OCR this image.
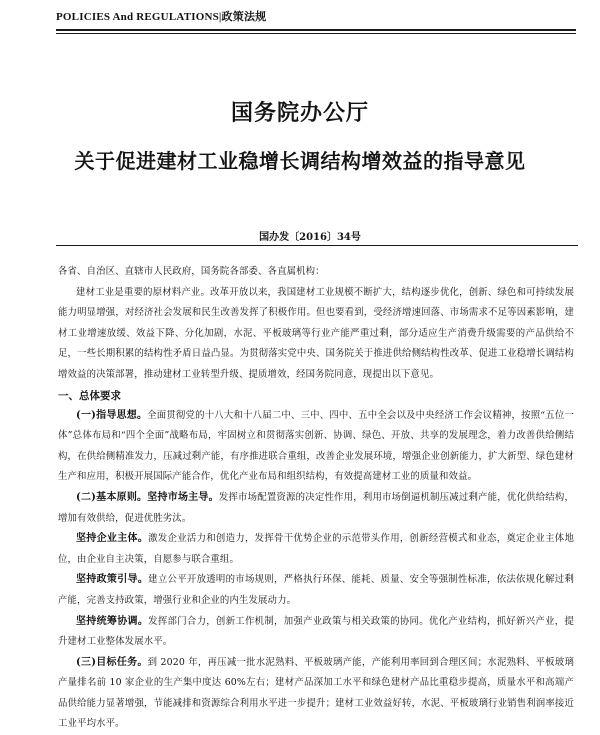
POLICIES And REGULATIONS|政策法规
国务院办公厅
关于促进建材工业稳增长调结构增效益的指导意见
国办发〔2016〕34号

各省、自治区、直辖市人民政府，国务院各部委、各直属机构：

建材工业是重要的原材料产业。改革开放以来，我国建材工业规模不断扩大，结构逐步优化，创新、绿色和可持续发展能力明显增强，对经济社会发展和民生改善发挥了积极作用。但也要看到，受经济增速回落、市场需求不足等因素影响，建材工业增速放缓、效益下降、分化加剧，水泥、平板玻璃等行业产能严重过剩，部分适应生产消费升级需要的产品供给不足，一些长期积累的结构性矛盾日益凸显。为贯彻落实党中央、国务院关于推进供给侧结构性改革、促进工业稳增长调结构增效益的决策部署，推动建材工业转型升级、提质增效，经国务院同意，现提出以下意见。

一、总体要求

(一)指导思想。全面贯彻党的十八大和十八届二中、三中、四中、五中全会以及中央经济工作会议精神，按照“五位一体”总体布局和“四个全面”战略布局，牢固树立和贯彻落实创新、协调、绿色、开放、共享的发展理念，着力改善供给侧结构，在供给侧精准发力，压减过剩产能，有序推进联合重组，改善企业发展环境，增强企业创新能力，扩大新型、绿色建材生产和应用，积极开展国际产能合作，优化产业布局和组织结构，有效提高建材工业的质量和效益。

(二)基本原则。坚持市场主导。发挥市场配置资源的决定性作用，利用市场倒逼机制压减过剩产能，优化供给结构，增加有效供给，促进优胜劣汰。

坚持企业主体。激发企业活力和创造力，发挥骨干优势企业的示范带头作用，创新经营模式和业态，奠定企业主体地位，由企业自主决策，自愿参与联合重组。

坚持政策引导。建立公平开放透明的市场规则，严格执行环保、能耗、质量、安全等强制性标准，依法依规化解过剩产能，完善支持政策，增强行业和企业的内生发展动力。

坚持统筹协调。发挥部门合力，创新工作机制，加强产业政策与相关政策的协同。优化产业结构，抓好新兴产业，提升建材工业整体发展水平。

(三)目标任务。到 2020 年，再压减一批水泥熟料、平板玻璃产能，产能利用率回到合理区间；水泥熟料、平板玻璃产量排名前 10 家企业的生产集中度达 60%左右；建材产品深加工水平和绿色建材产品比重稳步提高，质量水平和高端产品供给能力显著增强，节能减排和资源综合利用水平进一步提升；建材工业效益好转，水泥、平板玻璃行业销售利润率接近工业平均水平。
